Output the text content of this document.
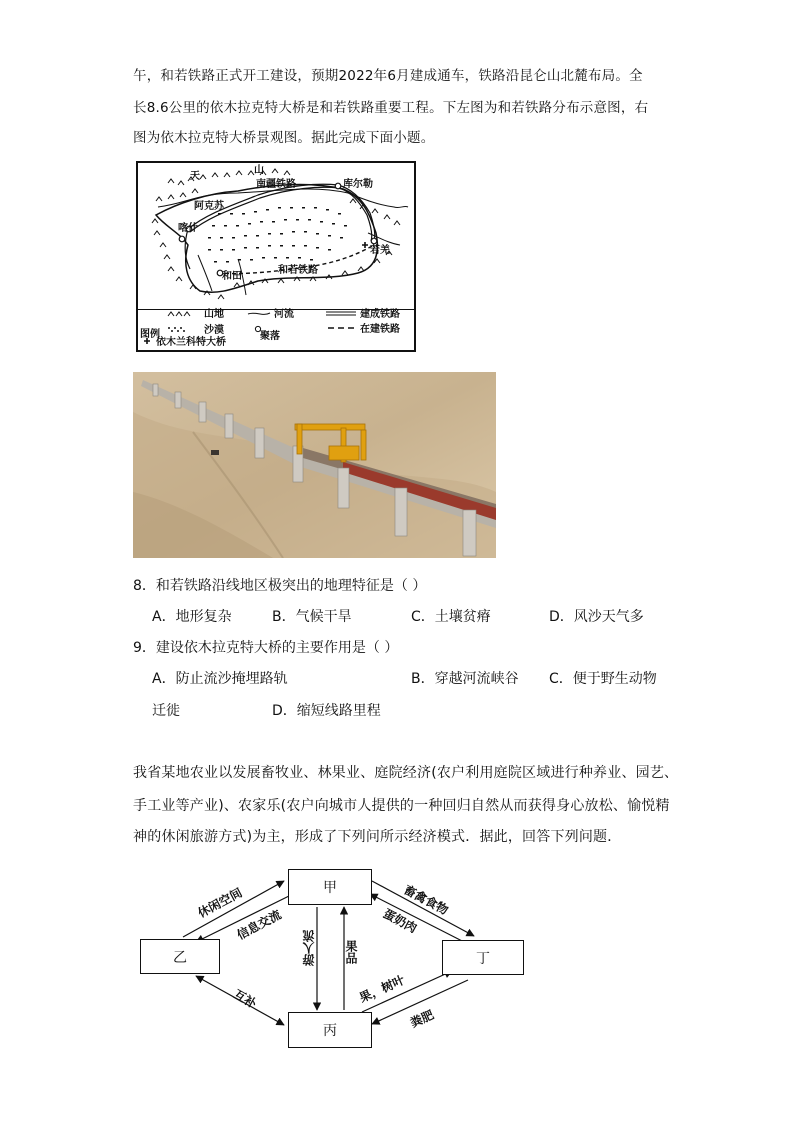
午，和若铁路正式开工建设，预期2022年6月建成通车，铁路沿昆仑山北麓布局。全
长8.6公里的依木拉克特大桥是和若铁路重要工程。下左图为和若铁路分布示意图，右
图为依木拉克特大桥景观图。据此完成下面小题。
天
山
南疆铁路	库尔勒
阿克苏
喀什
若羌
和田
和若铁路
图例
山地
沙漠
河流
聚落
建成铁路
在建铁路
依木兰科特大桥
8．和若铁路沿线地区极突出的地理特征是（ ）
A．地形复杂	B．气候干旱	C．土壤贫瘠	D．风沙天气多
9．建设依木拉克特大桥的主要作用是（ ）
A．防止流沙掩埋路轨	B．穿越河流峡谷 C．便于野生动物
迁徙	D．缩短线路里程
我省某地农业以发展畜牧业、林果业、庭院经济(农户利用庭院区域进行种养业、园艺、
手工业等产业)、农家乐(农户向城市人提供的一种回归自然从而获得身心放松、愉悦精
神的休闲旅游方式)为主，形成了下列问所示经济模式．据此，回答下列问题．
甲
乙	丁
丙
休闲空间
信息交流
畜禽食物
蛋奶肉
互补
粪肥
果，树叶
游人流 果品
